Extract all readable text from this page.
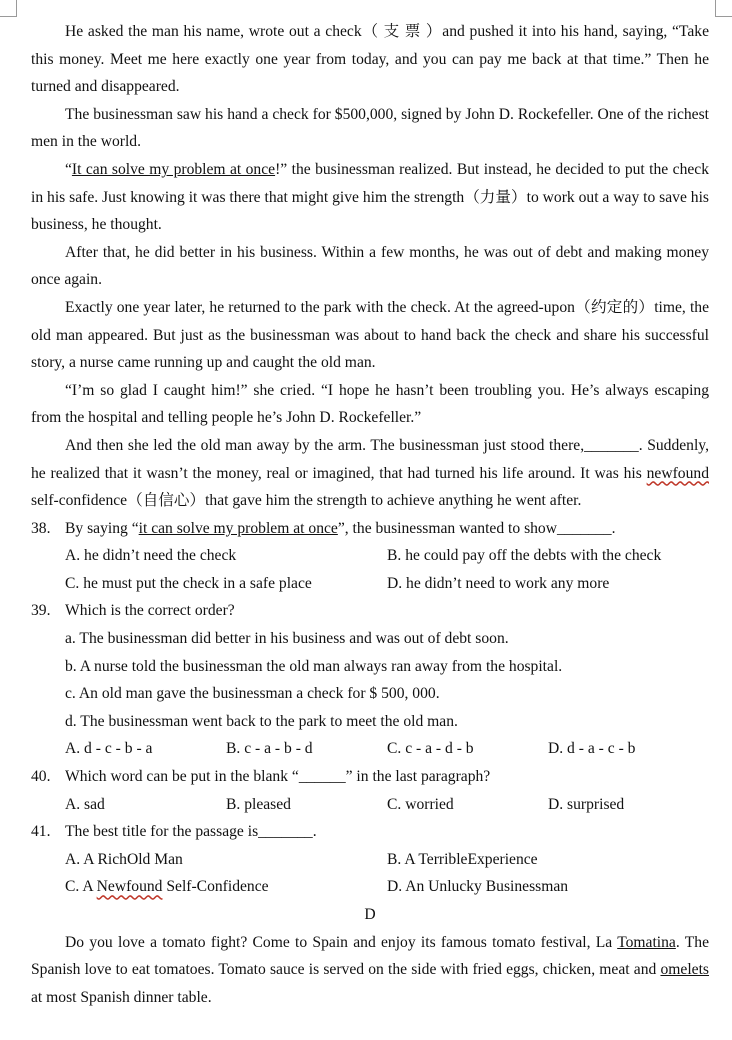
He asked the man his name, wrote out a check（ 支 票 ）and pushed it into his hand, saying, “Take this money. Meet me here exactly one year from today, and you can pay me back at that time.” Then he turned and disappeared.

The businessman saw his hand a check for $500,000, signed by John D. Rockefeller. One of the richest men in the world.

“It can solve my problem at once!” the businessman realized. But instead, he decided to put the check in his safe. Just knowing it was there that might give him the strength（力量）to work out a way to save his business, he thought.

After that, he did better in his business. Within a few months, he was out of debt and making money once again.

Exactly one year later, he returned to the park with the check. At the agreed-upon（约定的）time, the old man appeared. But just as the businessman was about to hand back the check and share his successful story, a nurse came running up and caught the old man.

“I’m so glad I caught him!” she cried. “I hope he hasn’t been troubling you. He’s always escaping from the hospital and telling people he’s John D. Rockefeller.”

And then she led the old man away by the arm. The businessman just stood there,_______. Suddenly, he realized that it wasn’t the money, real or imagined, that had turned his life around. It was his newfound self-confidence（自信心）that gave him the strength to achieve anything he went after.

38. By saying “it can solve my problem at once”, the businessman wanted to show_______.
A. he didn’t need the check	B. he could pay off the debts with the check
C. he must put the check in a safe place	D. he didn’t need to work any more
39. Which is the correct order?
a. The businessman did better in his business and was out of debt soon.
b. A nurse told the businessman the old man always ran away from the hospital.
c. An old man gave the businessman a check for $ 500, 000.
d. The businessman went back to the park to meet the old man.
A. d - c - b - a	B. c - a - b - d	C. c - a - d - b	D. d - a - c - b
40. Which word can be put in the blank “______” in the last paragraph?
A. sad	B. pleased	C. worried	D. surprised
41. The best title for the passage is_______.
A. A RichOld Man	B. A TerribleExperience
C. A Newfound Self-Confidence	D. An Unlucky Businessman
D

Do you love a tomato fight? Come to Spain and enjoy its famous tomato festival, La Tomatina. The Spanish love to eat tomatoes. Tomato sauce is served on the side with fried eggs, chicken, meat and omelets at most Spanish dinner table.
